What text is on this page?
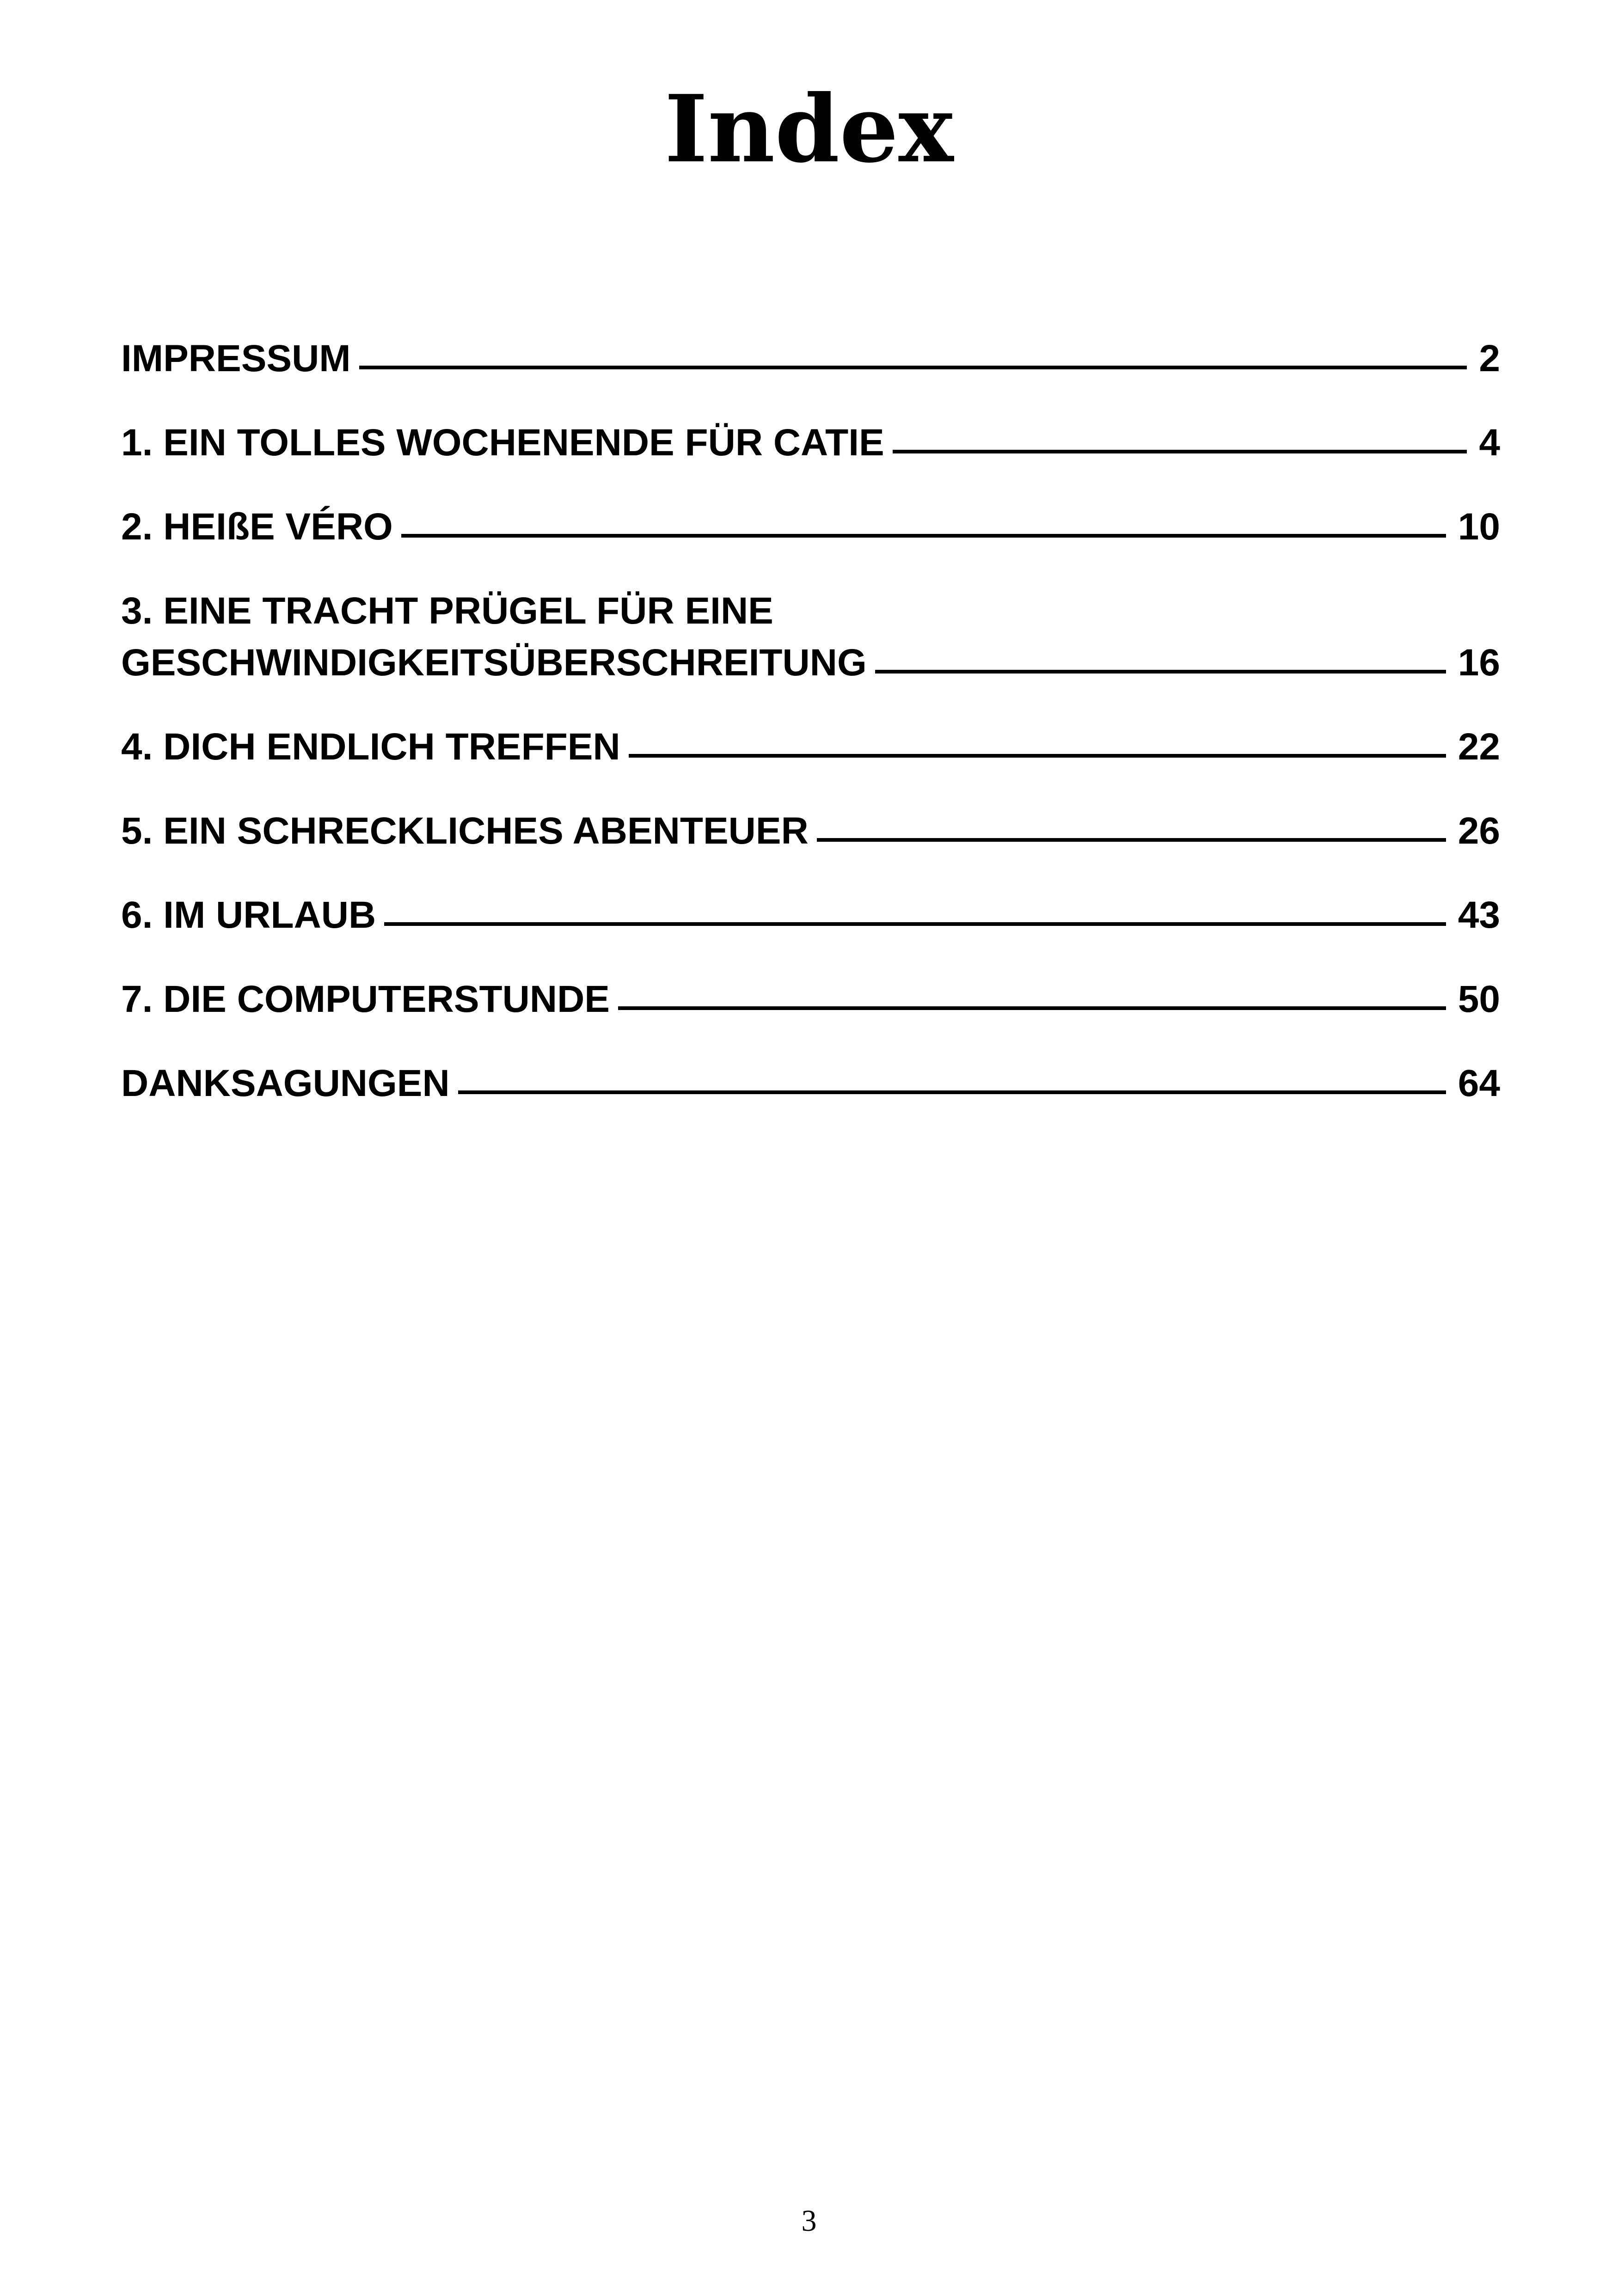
Index
IMPRESSUM	2
1. EIN TOLLES WOCHENENDE FÜR CATIE	4
2. HEIßE VÉRO	10
3. EINE TRACHT PRÜGEL FÜR EINE
GESCHWINDIGKEITSÜBERSCHREITUNG	16
4. DICH ENDLICH TREFFEN	22
5. EIN SCHRECKLICHES ABENTEUER	26
6. IM URLAUB	43
7. DIE COMPUTERSTUNDE	50
DANKSAGUNGEN	64
3
